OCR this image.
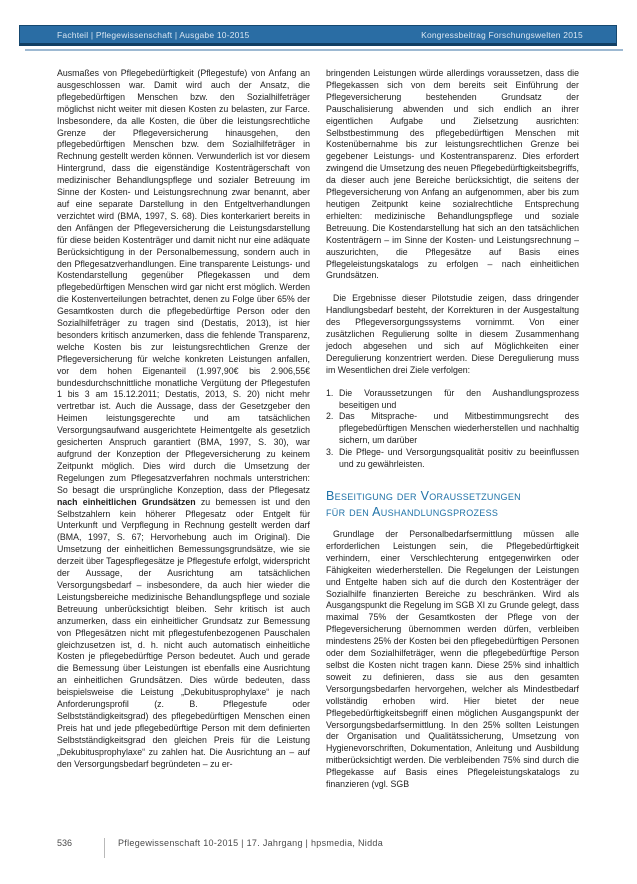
Fachteil | Pflegewissenschaft | Ausgabe 10-2015	Kongressbeitrag Forschungswelten 2015

Ausmaßes von Pflegebedürftigkeit (Pflegestufe) von Anfang an ausgeschlossen war. Damit wird auch der Ansatz, die pflegebedürftigen Menschen bzw. den Sozialhilfeträger möglichst nicht weiter mit diesen Kosten zu belasten, zur Farce. Insbesondere, da alle Kosten, die über die leistungsrechtliche Grenze der Pflegeversicherung hinausgehen, den pflegebedürftigen Menschen bzw. dem Sozialhilfeträger in Rechnung gestellt werden können. Verwunderlich ist vor diesem Hintergrund, dass die eigenständige Kostenträgerschaft von medizinischer Behandlungspflege und sozialer Betreuung im Sinne der Kosten- und Leistungsrechnung zwar benannt, aber auf eine separate Darstellung in den Entgeltverhandlungen verzichtet wird (BMA, 1997, S. 68). Dies konterkariert bereits in den Anfängen der Pflegeversicherung die Leistungsdarstellung für diese beiden Kostenträger und damit nicht nur eine adäquate Berücksichtigung in der Personalbemessung, sondern auch in den Pflegesatzverhandlungen. Eine transparente Leistungs- und Kostendarstellung gegenüber Pflegekassen und dem pflegebedürftigen Menschen wird gar nicht erst möglich. Werden die Kostenverteilungen betrachtet, denen zu Folge über 65% der Gesamtkosten durch die pflegebedürftige Person oder den Sozialhilfeträger zu tragen sind (Destatis, 2013), ist hier besonders kritisch anzumerken, dass die fehlende Transparenz, welche Kosten bis zur leistungsrechtlichen Grenze der Pflegeversicherung für welche konkreten Leistungen anfallen, vor dem hohen Eigenanteil (1.997,90€ bis 2.906,55€ bundesdurchschnittliche monatliche Vergütung der Pflegestufen 1 bis 3 am 15.12.2011; Destatis, 2013, S. 20) nicht mehr vertretbar ist. Auch die Aussage, dass der Gesetzgeber den Heimen leistungsgerechte und am tatsächlichen Versorgungsaufwand ausgerichtete Heimentgelte als gesetzlich gesicherten Anspruch garantiert (BMA, 1997, S. 30), war aufgrund der Konzeption der Pflegeversicherung zu keinem Zeitpunkt möglich. Dies wird durch die Umsetzung der Regelungen zum Pflegesatzverfahren nochmals unterstrichen: So besagt die ursprüngliche Konzeption, dass der Pflegesatz nach einheitlichen Grundsätzen zu bemessen ist und den Selbstzahlern kein höherer Pflegesatz oder Entgelt für Unterkunft und Verpflegung in Rechnung gestellt werden darf (BMA, 1997, S. 67; Hervorhebung auch im Original). Die Umsetzung der einheitlichen Bemessungsgrundsätze, wie sie derzeit über Tagespflegesätze je Pflegestufe erfolgt, widerspricht der Aussage, der Ausrichtung am tatsächlichen Versorgungsbedarf – insbesondere, da auch hier wieder die Leistungsbereiche medizinische Behandlungspflege und soziale Betreuung unberücksichtigt bleiben. Sehr kritisch ist auch anzumerken, dass ein einheitlicher Grundsatz zur Bemessung von Pflegesätzen nicht mit pflegestufenbezogenen Pauschalen gleichzusetzen ist, d. h. nicht auch automatisch einheitliche Kosten je pflegebedürftige Person bedeutet. Auch und gerade die Bemessung über Leistungen ist ebenfalls eine Ausrichtung an einheitlichen Grundsätzen. Dies würde bedeuten, dass beispielsweise die Leistung „Dekubitusprophylaxe“ je nach Anforderungsprofil (z. B. Pflegestufe oder Selbstständigkeitsgrad) des pflegebedürftigen Menschen einen Preis hat und jede pflegebedürftige Person mit dem definierten Selbstständigkeitsgrad den gleichen Preis für die Leistung „Dekubitusprophylaxe“ zu zahlen hat. Die Ausrichtung an – auf den Versorgungsbedarf begründeten – zu er-

bringenden Leistungen würde allerdings voraussetzen, dass die Pflegekassen sich von dem bereits seit Einführung der Pflegeversicherung bestehenden Grundsatz der Pauschalisierung abwenden und sich endlich an ihrer eigentlichen Aufgabe und Zielsetzung ausrichten: Selbstbestimmung des pflegebedürftigen Menschen mit Kostenübernahme bis zur leistungsrechtlichen Grenze bei gegebener Leistungs- und Kostentransparenz. Dies erfordert zwingend die Umsetzung des neuen Pflegebedürftigkeitsbegriffs, da dieser auch jene Bereiche berücksichtigt, die seitens der Pflegeversicherung von Anfang an aufgenommen, aber bis zum heutigen Zeitpunkt keine sozialrechtliche Entsprechung erhielten: medizinische Behandlungspflege und soziale Betreuung. Die Kostendarstellung hat sich an den tatsächlichen Kostenträgern – im Sinne der Kosten- und Leistungsrechnung – auszurichten, die Pflegesätze auf Basis eines Pflegeleistungskatalogs zu erfolgen – nach einheitlichen Grundsätzen.

Die Ergebnisse dieser Pilotstudie zeigen, dass dringender Handlungsbedarf besteht, der Korrekturen in der Ausgestaltung des Pflegeversorgungssystems vornimmt. Von einer zusätzlichen Regulierung sollte in diesem Zusammenhang jedoch abgesehen und sich auf Möglichkeiten einer Deregulierung konzentriert werden. Diese Deregulierung muss im Wesentlichen drei Ziele verfolgen:

1. Die Voraussetzungen für den Aushandlungsprozess beseitigen und
2. Das Mitsprache- und Mitbestimmungsrecht des pflegebedürftigen Menschen wiederherstellen und nachhaltig sichern, um darüber
3. Die Pflege- und Versorgungsqualität positiv zu beeinflussen und zu gewährleisten.
Beseitigung der Voraussetzungen
für den Aushandlungsprozess

Grundlage der Personalbedarfsermittlung müssen alle erforderlichen Leistungen sein, die Pflegebedürftigkeit verhindern, einer Verschlechterung entgegenwirken oder Fähigkeiten wiederherstellen. Die Regelungen der Leistungen und Entgelte haben sich auf die durch den Kostenträger der Sozialhilfe finanzierten Bereiche zu beschränken. Wird als Ausgangspunkt die Regelung im SGB XI zu Grunde gelegt, dass maximal 75% der Gesamtkosten der Pflege von der Pflegeversicherung übernommen werden dürfen, verbleiben mindestens 25% der Kosten bei den pflegebedürftigen Personen oder dem Sozialhilfeträger, wenn die pflegebedürftige Person selbst die Kosten nicht tragen kann. Diese 25% sind inhaltlich soweit zu definieren, dass sie aus den gesamten Versorgungsbedarfen hervorgehen, welcher als Mindestbedarf vollständig erhoben wird. Hier bietet der neue Pflegebedürftigkeitsbegriff einen möglichen Ausgangspunkt der Versorgungsbedarfsermittlung. In den 25% sollten Leistungen der Organisation und Qualitätssicherung, Umsetzung von Hygienevorschriften, Dokumentation, Anleitung und Ausbildung mitberücksichtigt werden. Die verbleibenden 75% sind durch die Pflegekasse auf Basis eines Pflegeleistungskatalogs zu finanzieren (vgl. SGB

536	Pflegewissenschaft 10-2015 | 17. Jahrgang | hpsmedia, Nidda
